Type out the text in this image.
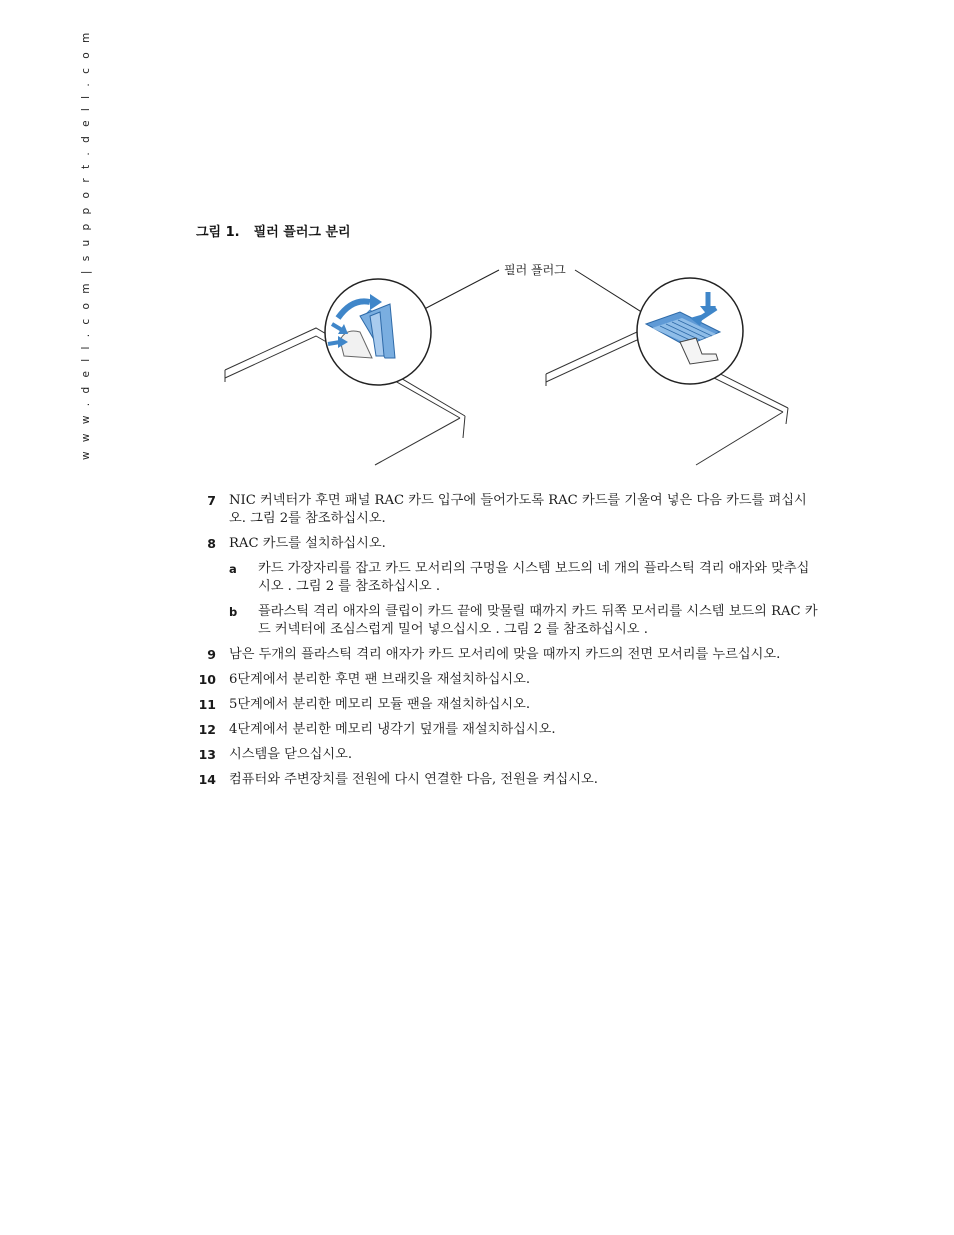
w w w . d e l l . c o m | s u p p o r t . d e l l . c o m	그림 1. 필러 플러그 분리
필러 플러그
7 NIC 커넥터가 후면 패널 RAC 카드 입구에 들어가도록 RAC 카드를 기울여 넣은 다음 카드를 펴십시오. 그림 2를 참조하십시오.
8 RAC 카드를 설치하십시오.
a 카드 가장자리를 잡고 카드 모서리의 구멍을 시스템 보드의 네 개의 플라스틱 격리 애자와 맞추십시오 . 그림 2 를 참조하십시오 .
b 플라스틱 격리 애자의 클립이 카드 끝에 맞물릴 때까지 카드 뒤쪽 모서리를 시스템 보드의 RAC 카드 커넥터에 조심스럽게 밀어 넣으십시오 . 그림 2 를 참조하십시오 .
9 남은 두개의 플라스틱 격리 애자가 카드 모서리에 맞을 때까지 카드의 전면 모서리를 누르십시오.
10 6단계에서 분리한 후면 팬 브래킷을 재설치하십시오.
11 5단계에서 분리한 메모리 모듈 팬을 재설치하십시오.
12 4단계에서 분리한 메모리 냉각기 덮개를 재설치하십시오.
13 시스템을 닫으십시오.
14 컴퓨터와 주변장치를 전원에 다시 연결한 다음, 전원을 켜십시오.
